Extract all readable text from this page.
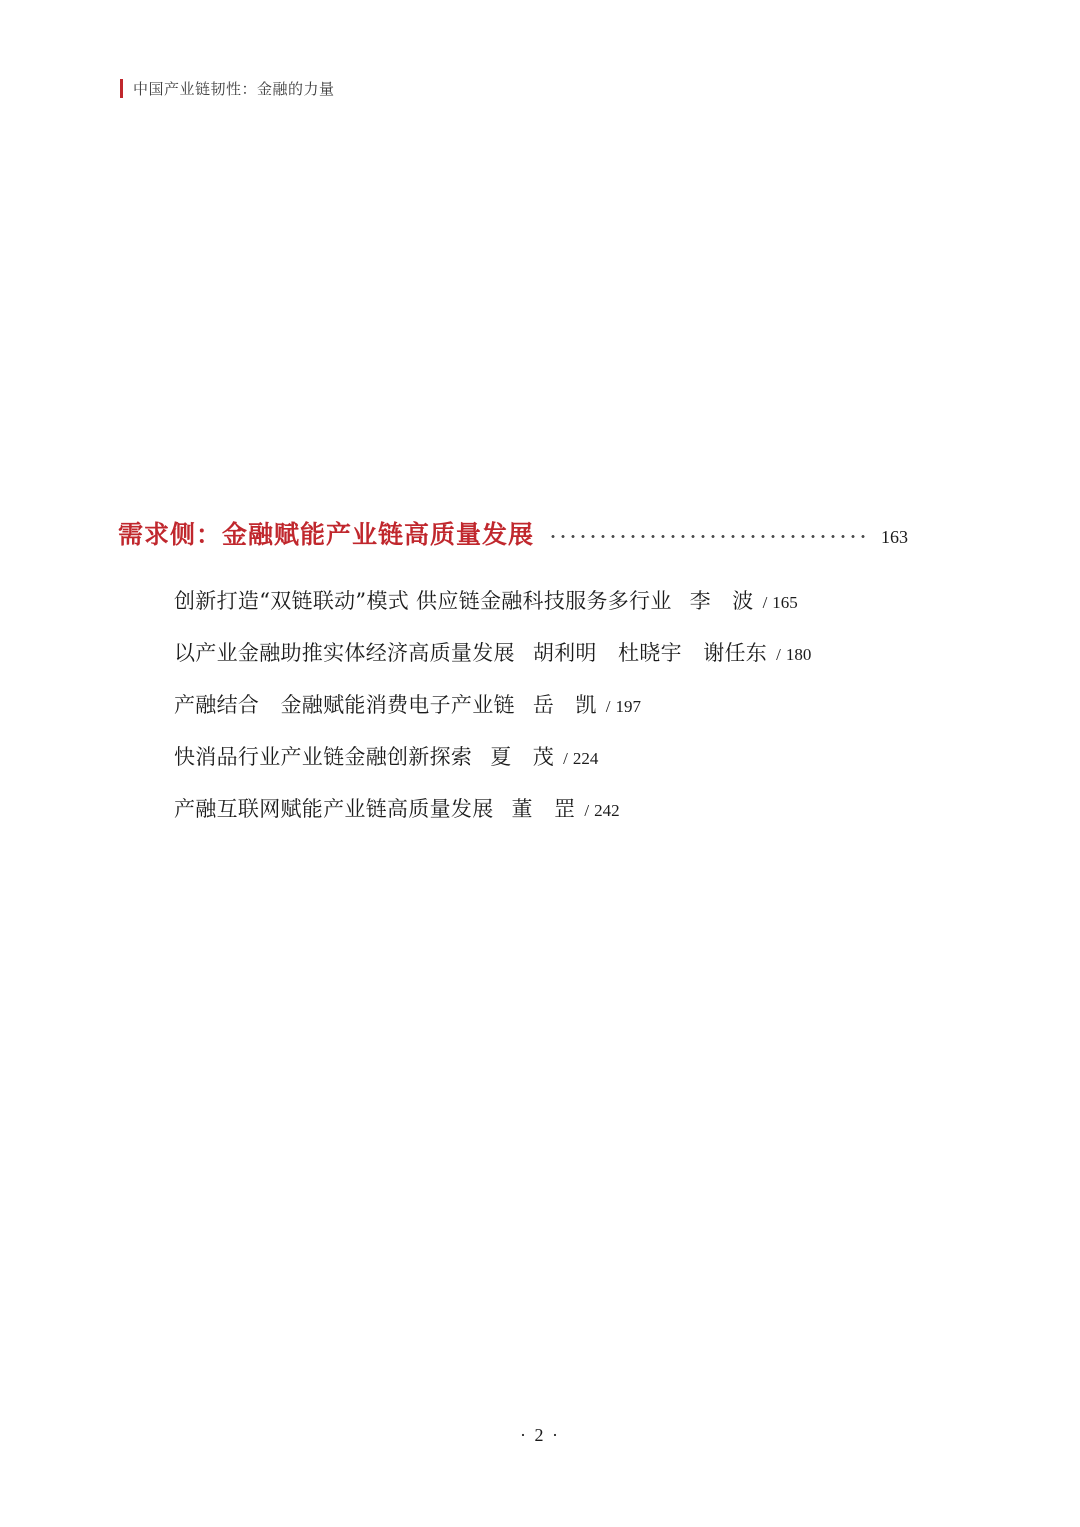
中国产业链韧性：金融的力量
需求侧：金融赋能产业链高质量发展	163
创新打造“双链联动”模式 供应链金融科技服务多行业 李　波 / 165
以产业金融助推实体经济高质量发展 胡利明　杜晓宇　谢任东 / 180
产融结合　金融赋能消费电子产业链 岳　凯 / 197
快消品行业产业链金融创新探索 夏　茂 / 224
产融互联网赋能产业链高质量发展 董　罡 / 242
· 2 ·
